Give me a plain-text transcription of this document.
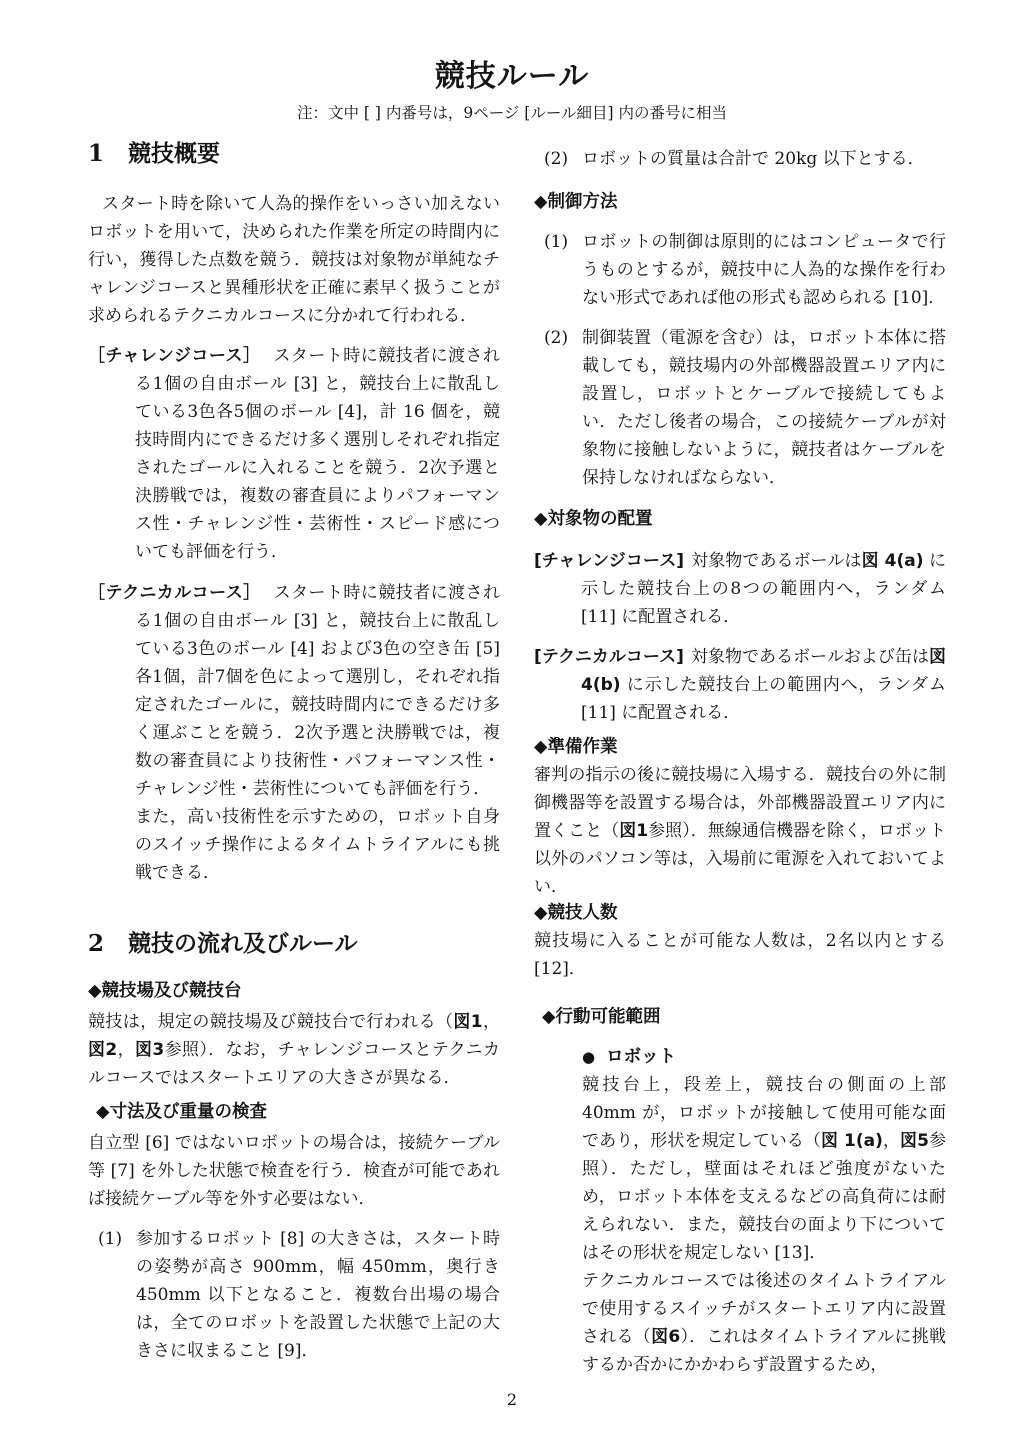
競技ルール
注：文中 [ ] 内番号は，9ページ [ルール細目] 内の番号に相当
1 競技概要

スタート時を除いて人為的操作をいっさい加えないロボットを用いて，決められた作業を所定の時間内に行い，獲得した点数を競う．競技は対象物が単純なチャレンジコースと異種形状を正確に素早く扱うことが求められるテクニカルコースに分かれて行われる．

［チャレンジコース］ スタート時に競技者に渡される1個の自由ボール [3] と，競技台上に散乱している3色各5個のボール [4]，計 16 個を，競技時間内にできるだけ多く選別しそれぞれ指定されたゴールに入れることを競う．2次予選と決勝戦では，複数の審査員によりパフォーマンス性・チャレンジ性・芸術性・スピード感についても評価を行う．
［テクニカルコース］ スタート時に競技者に渡される1個の自由ボール [3] と，競技台上に散乱している3色のボール [4] および3色の空き缶 [5] 各1個，計7個を色によって選別し，それぞれ指定されたゴールに，競技時間内にできるだけ多く運ぶことを競う．2次予選と決勝戦では，複数の審査員により技術性・パフォーマンス性・チャレンジ性・芸術性についても評価を行う．
また，高い技術性を示すための，ロボット自身のスイッチ操作によるタイムトライアルにも挑戦できる．
2 競技の流れ及びルール
◆競技場及び競技台

競技は，規定の競技場及び競技台で行われる（図1，図2，図3参照）．なお，チャレンジコースとテクニカルコースではスタートエリアの大きさが異なる．

◆寸法及び重量の検査

自立型 [6] ではないロボットの場合は，接続ケーブル等 [7] を外した状態で検査を行う．検査が可能であれば接続ケーブル等を外す必要はない．

(1) 参加するロボット [8] の大きさは，スタート時の姿勢が高さ 900mm，幅 450mm，奥行き 450mm 以下となること．複数台出場の場合は，全てのロボットを設置した状態で上記の大きさに収まること [9]．
(2) ロボットの質量は合計で 20kg 以下とする．
◆制御方法
(1) ロボットの制御は原則的にはコンピュータで行うものとするが，競技中に人為的な操作を行わない形式であれば他の形式も認められる [10]．
(2) 制御装置（電源を含む）は，ロボット本体に搭載しても，競技場内の外部機器設置エリア内に設置し，ロボットとケーブルで接続してもよい．ただし後者の場合，この接続ケーブルが対象物に接触しないように，競技者はケーブルを保持しなければならない．
◆対象物の配置
[チャレンジコース] 対象物であるボールは図 4(a) に示した競技台上の8つの範囲内へ，ランダム [11] に配置される．
[テクニカルコース] 対象物であるボールおよび缶は図 4(b) に示した競技台上の範囲内へ，ランダム [11] に配置される．
◆準備作業

審判の指示の後に競技場に入場する．競技台の外に制御機器等を設置する場合は，外部機器設置エリア内に置くこと（図1参照）．無線通信機器を除く，ロボット以外のパソコン等は，入場前に電源を入れておいてよい．

◆競技人数

競技場に入ることが可能な人数は，2名以内とする [12]．

◆行動可能範囲
● ロボット
競技台上，段差上，競技台の側面の上部 40mm が，ロボットが接触して使用可能な面であり，形状を規定している（図 1(a)，図5参照）．ただし，壁面はそれほど強度がないため，ロボット本体を支えるなどの高負荷には耐えられない．また，競技台の面より下についてはその形状を規定しない [13]．
テクニカルコースでは後述のタイムトライアルで使用するスイッチがスタートエリア内に設置される（図6）．これはタイムトライアルに挑戦するか否かにかかわらず設置するため，
2
